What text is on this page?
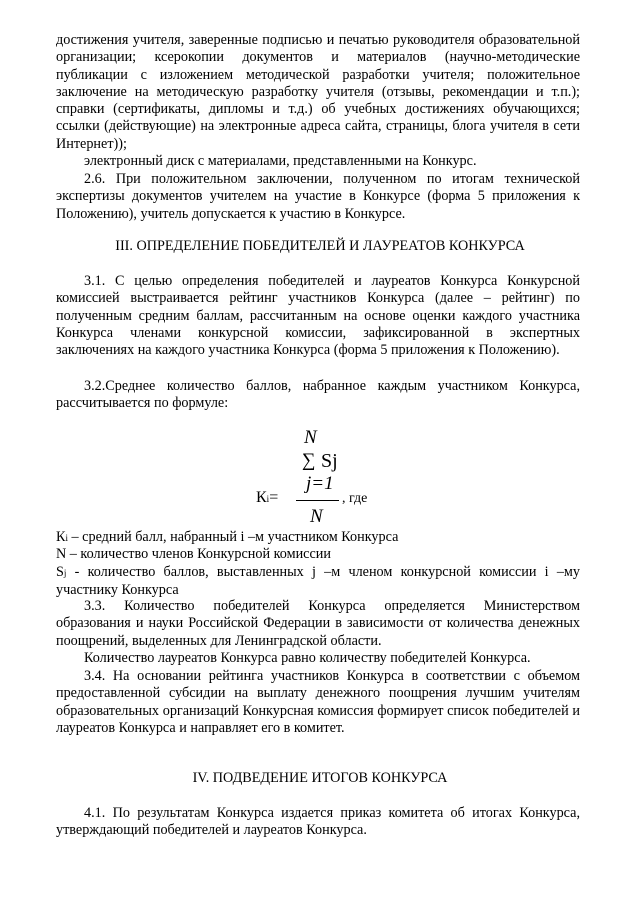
достижения учителя, заверенные подписью и печатью руководителя образовательной организации; ксерокопии документов и материалов (научно-методические публикации с изложением методической разработки учителя; положительное заключение на методическую разработку учителя (отзывы, рекомендации и т.п.); справки (сертификаты, дипломы и т.д.) об учебных достижениях обучающихся; ссылки (действующие) на электронные адреса сайта, страницы, блога учителя в сети Интернет));

электронный диск с материалами, представленными на Конкурс.

2.6. При положительном заключении, полученном по итогам технической экспертизы документов учителем на участие в Конкурсе (форма 5 приложения к Положению), учитель допускается к участию в Конкурсе.

III. ОПРЕДЕЛЕНИЕ ПОБЕДИТЕЛЕЙ И ЛАУРЕАТОВ КОНКУРСА

3.1. С целью определения победителей и лауреатов Конкурса Конкурсной комиссией выстраивается рейтинг участников Конкурса (далее – рейтинг) по полученным средним баллам, рассчитанным на основе оценки каждого участника Конкурса членами конкурсной комиссии, зафиксированной в экспертных заключениях на каждого участника Конкурса (форма 5 приложения к Положению).

3.2.Среднее количество баллов, набранное каждым участником Конкурса, рассчитывается по формуле:

N
∑ Sj
j=1
Кi=
N
, где

Кi – средний балл, набранный i –м участником Конкурса

N – количество членов Конкурсной комиссии

Sj - количество баллов, выставленных j –м членом конкурсной комиссии i –му участнику Конкурса

3.3. Количество победителей Конкурса определяется Министерством образования и науки Российской Федерации в зависимости от количества денежных поощрений, выделенных для Ленинградской области.

Количество лауреатов Конкурса равно количеству победителей Конкурса.

3.4. На основании рейтинга участников Конкурса в соответствии с объемом предоставленной субсидии на выплату денежного поощрения лучшим учителям образовательных организаций Конкурсная комиссия формирует список победителей и лауреатов Конкурса и направляет его в комитет.

IV. ПОДВЕДЕНИЕ ИТОГОВ КОНКУРСА

4.1. По результатам Конкурса издается приказ комитета об итогах Конкурса, утверждающий победителей и лауреатов Конкурса.
